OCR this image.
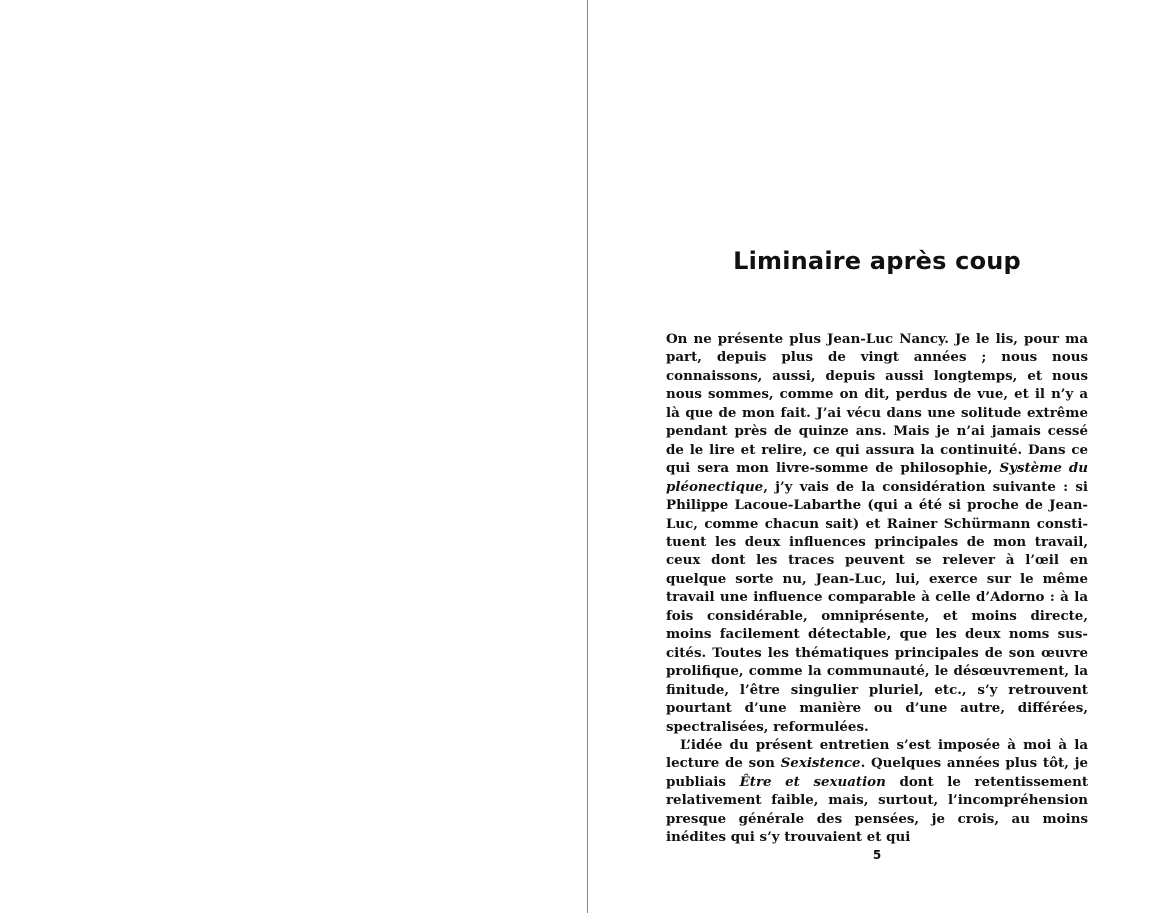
Liminaire après coup

On ne présente plus Jean-Luc Nancy. Je le lis, pour ma part, depuis plus de vingt années ; nous nous connaissons, aussi, depuis aussi longtemps, et nous nous sommes, comme on dit, perdus de vue, et il n’y a là que de mon fait. J’ai vécu dans une solitude extrême pendant près de quinze ans. Mais je n’ai jamais cessé de le lire et relire, ce qui assura la continuité. Dans ce qui sera mon livre-somme de philosophie, Système du pléonectique, j’y vais de la considération suivante : si Philippe Lacoue-Labarthe (qui a été si proche de Jean-Luc, comme chacun sait) et Rainer Schürmann constituent les deux influences principales de mon travail, ceux dont les traces peuvent se relever à l’œil en quelque sorte nu, Jean-Luc, lui, exerce sur le même travail une influence comparable à celle d’Adorno : à la fois considérable, omniprésente, et moins directe, moins facilement détectable, que les deux noms sus-cités. Toutes les thématiques principales de son œuvre prolifique, comme la communauté, le désœuvrement, la finitude, l’être singulier pluriel, etc., s’y retrouvent pourtant d’une manière ou d’une autre, différées, spectralisées, reformulées.

L’idée du présent entretien s’est imposée à moi à la lecture de son Sexistence. Quelques années plus tôt, je publiais Être et sexuation dont le retentissement relativement faible, mais, surtout, l’incompréhension presque générale des pensées, je crois, au moins inédites qui s’y trouvaient et qui

5
